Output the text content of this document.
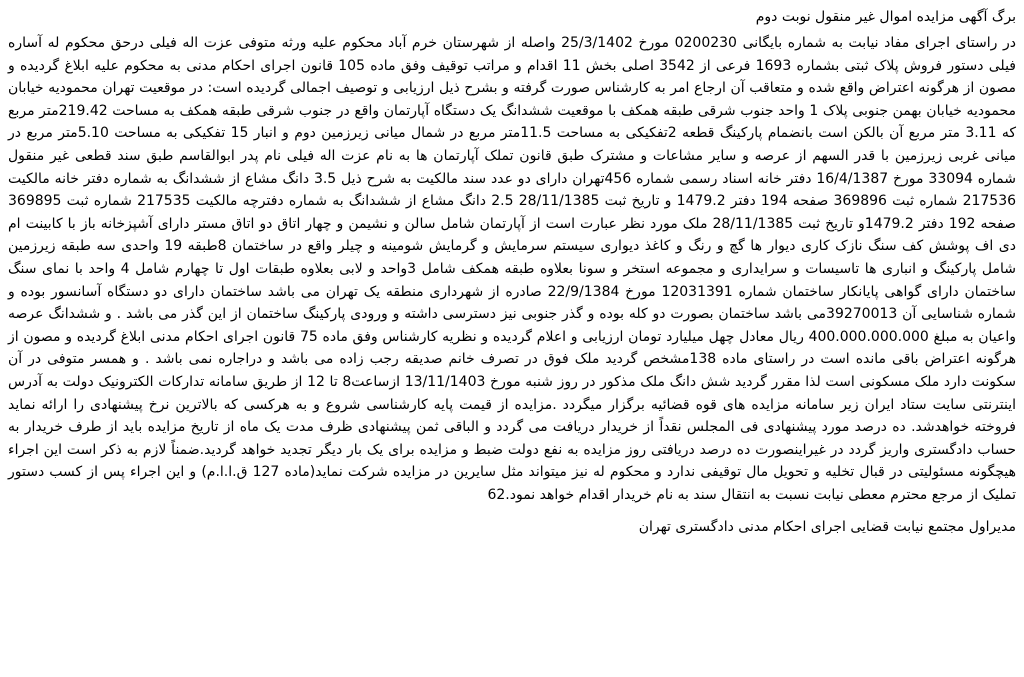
برگ آگهی مزایده اموال غیر منقول نوبت دوم

در راستای اجرای مفاد نیابت به شماره بایگانی 0200230 مورخ 25/3/1402 واصله از شهرستان خرم آباد محکوم علیه ورثه متوفی عزت اله فیلی درحق محکوم له آساره فیلی دستور فروش پلاک ثبتی بشماره 1693 فرعی از 3542 اصلی بخش 11 اقدام و مراتب توقیف وفق ماده 105 قانون اجرای احکام مدنی به محکوم علیه ابلاغ گردیده و مصون از هرگونه اعتراض واقع شده و متعاقب آن ارجاع امر به کارشناس صورت گرفته و بشرح ذیل ارزیابی و توصیف اجمالی گردیده است: در موقعیت تهران محمودیه خیابان محمودیه خیابان بهمن جنوبی پلاک 1 واحد جنوب شرقی طبقه همکف با موقعیت ششدانگ یک دستگاه آپارتمان واقع در جنوب شرقی طبقه همکف به مساحت 219.42متر مربع که 3.11 متر مربع آن بالکن است بانضمام پارکینگ قطعه 2تفکیکی به مساحت 11.5متر مربع در شمال میانی زیرزمین دوم و انبار 15 تفکیکی به مساحت 5.10متر مربع در میانی غربی زیرزمین با قدر السهم از عرصه و سایر مشاعات و مشترک طبق قانون تملک آپارتمان ها به نام عزت اله فیلی نام پدر ابوالقاسم طبق سند قطعی غیر منقول شماره 33094 مورخ 16/4/1387 دفتر خانه اسناد رسمی شماره 456تهران دارای دو عدد سند مالکیت به شرح ذیل 3.5 دانگ مشاع از ششدانگ به شماره دفتر خانه مالکیت 217536 شماره ثبت 369896 صفحه 194 دفتر 1479.2 و تاریخ ثبت 28/11/1385 2.5 دانگ مشاع از ششدانگ به شماره دفترچه مالکیت 217535 شماره ثبت 369895 صفحه 192 دفتر 1479.2و تاریخ ثبت 28/11/1385 ملک مورد نظر عبارت است از آپارتمان شامل سالن و نشیمن و چهار اتاق دو اتاق مستر دارای آشپزخانه باز با کابینت ام دی اف پوشش کف سنگ نازک کاری دیوار ها گچ و رنگ و کاغذ دیواری سیستم سرمایش و گرمایش شومینه و چیلر واقع در ساختمان 8طبقه 19 واحدی سه طبقه زیرزمین شامل پارکینگ و انباری ها تاسیسات و سرایداری و مجموعه استخر و سونا بعلاوه طبقه همکف شامل 3واحد و لابی بعلاوه طبقات اول تا چهارم شامل 4 واحد با نمای سنگ ساختمان دارای گواهی پایانکار ساختمان شماره 12031391 مورخ 22/9/1384 صادره از شهرداری منطقه یک تهران می باشد ساختمان دارای دو دستگاه آسانسور بوده و شماره شناسایی آن 39270013می باشد ساختمان بصورت دو کله بوده و گذر جنوبی نیز دسترسی داشته و ورودی پارکینگ ساختمان از این گذر می باشد . و ششدانگ عرصه واعیان به مبلغ 400.000.000.000 ریال معادل چهل میلیارد تومان ارزیابی و اعلام گردیده و نظریه کارشناس وفق ماده 75 قانون اجرای احکام مدنی ابلاغ گردیده و مصون از هرگونه اعتراض باقی مانده است در راستای ماده 138مشخص گردید ملک فوق در تصرف خانم صدیقه رجب زاده می باشد و دراجاره نمی باشد . و همسر متوفی در آن سکونت دارد ملک مسکونی است لذا مقرر گردید شش دانگ ملک مذکور در روز شنبه مورخ 13/11/1403 ازساعت8 تا 12 از طریق سامانه تدارکات الکترونیک دولت به آدرس اینترنتی سایت ستاد ایران زیر سامانه مزایده های قوه قضائیه برگزار میگردد .مزایده از قیمت پایه کارشناسی شروع و به هرکسی که بالاترین نرخ پیشنهادی را ارائه نماید فروخته خواهدشد. ده درصد مورد پیشنهادی فی المجلس نقداً از خریدار دریافت می گردد و الباقی ثمن پیشنهادی ظرف مدت یک ماه از تاریخ مزایده باید از طرف خریدار به حساب دادگستری واریز گردد در غیراینصورت ده درصد دریافتی روز مزایده به نفع دولت ضبط و مزایده برای یک بار دیگر تجدید خواهد گردید.ضمناً لازم به ذکر است این اجراء هیچگونه مسئولیتی در قبال تخلیه و تحویل مال توقیفی ندارد و محکوم له نیز میتواند مثل سایرین در مزایده شرکت نماید(ماده 127 ق.ا.ا.م) و این اجراء پس از کسب دستور تملیک از مرجع محترم معطی نیابت نسبت به انتقال سند به نام خریدار اقدام خواهد نمود.62

مدیراول مجتمع نیابت قضایی اجرای احکام مدنی دادگستری تهران
